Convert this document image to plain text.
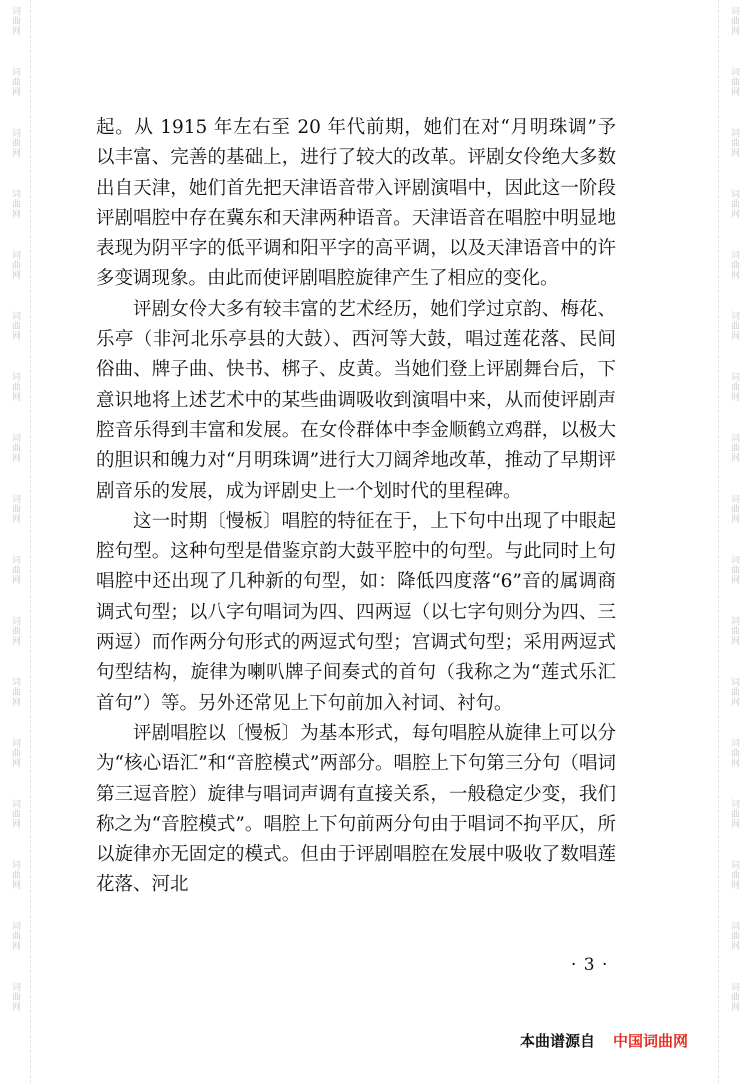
词曲网
词曲网
词曲网
词曲网
词曲网
词曲网
词曲网
词曲网
词曲网
词曲网
词曲网
词曲网
词曲网
词曲网
词曲网
词曲网
词曲网
词曲网
词曲网
词曲网
词曲网
词曲网
词曲网
词曲网
词曲网
词曲网
词曲网
词曲网
词曲网
词曲网
词曲网
词曲网
词曲网
词曲网

起。从 1915 年左右至 20 年代前期，她们在对“月明珠调”予以丰富、完善的基础上，进行了较大的改革。评剧女伶绝大多数出自天津，她们首先把天津语音带入评剧演唱中，因此这一阶段评剧唱腔中存在冀东和天津两种语音。天津语音在唱腔中明显地表现为阴平字的低平调和阳平字的高平调，以及天津语音中的许多变调现象。由此而使评剧唱腔旋律产生了相应的变化。

评剧女伶大多有较丰富的艺术经历，她们学过京韵、梅花、乐亭（非河北乐亭县的大鼓）、西河等大鼓，唱过莲花落、民间俗曲、牌子曲、快书、梆子、皮黄。当她们登上评剧舞台后，下意识地将上述艺术中的某些曲调吸收到演唱中来，从而使评剧声腔音乐得到丰富和发展。在女伶群体中李金顺鹤立鸡群，以极大的胆识和魄力对“月明珠调”进行大刀阔斧地改革，推动了早期评剧音乐的发展，成为评剧史上一个划时代的里程碑。

这一时期〔慢板〕唱腔的特征在于，上下句中出现了中眼起腔句型。这种句型是借鉴京韵大鼓平腔中的句型。与此同时上句唱腔中还出现了几种新的句型，如：降低四度落“6”音的属调商调式句型；以八字句唱词为四、四两逗（以七字句则分为四、三两逗）而作两分句形式的两逗式句型；宫调式句型；采用两逗式句型结构，旋律为喇叭牌子间奏式的首句（我称之为“莲式乐汇首句”）等。另外还常见上下句前加入衬词、衬句。

评剧唱腔以〔慢板〕为基本形式，每句唱腔从旋律上可以分为“核心语汇”和“音腔模式”两部分。唱腔上下句第三分句（唱词第三逗音腔）旋律与唱词声调有直接关系，一般稳定少变，我们称之为“音腔模式”。唱腔上下句前两分句由于唱词不拘平仄，所以旋律亦无固定的模式。但由于评剧唱腔在发展中吸收了数唱莲花落、河北

· 3 ·
本曲谱源自 中国词曲网
